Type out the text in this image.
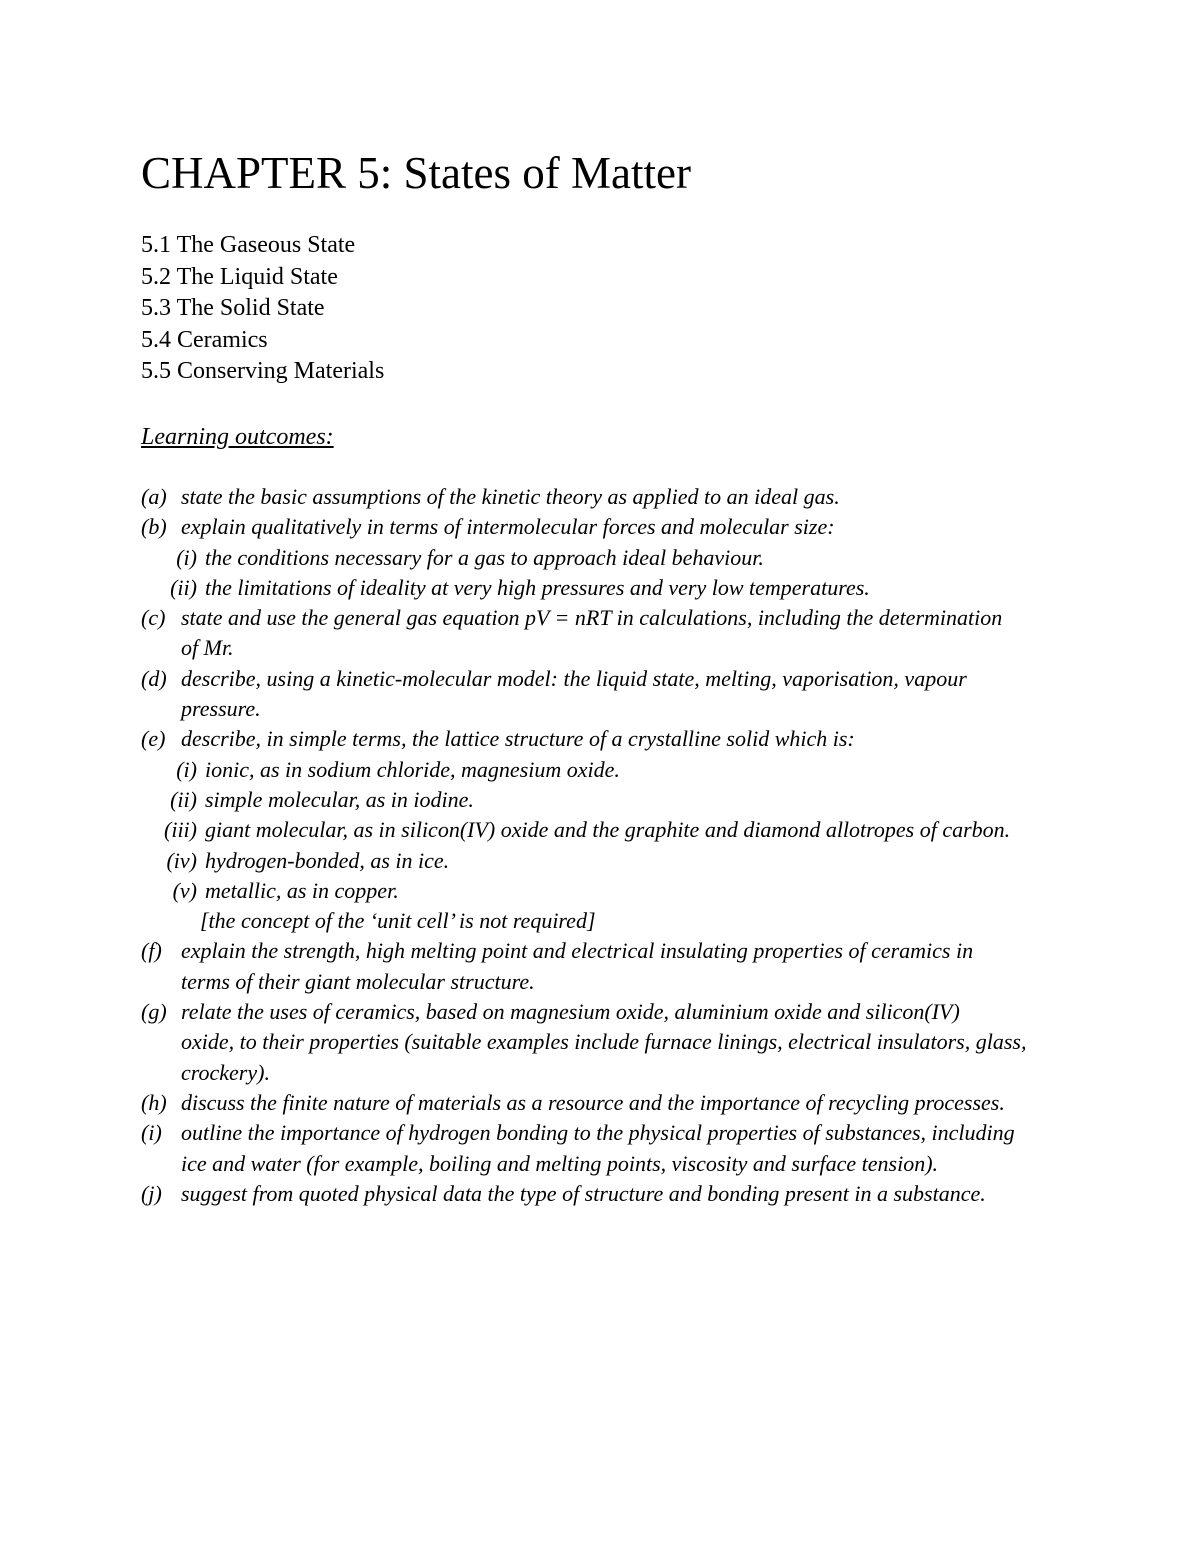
CHAPTER 5: States of Matter
5.1 The Gaseous State
5.2 The Liquid State
5.3 The Solid State
5.4 Ceramics
5.5 Conserving Materials
Learning outcomes:
(a) state the basic assumptions of the kinetic theory as applied to an ideal gas.
(b) explain qualitatively in terms of intermolecular forces and molecular size:
(i) the conditions necessary for a gas to approach ideal behaviour.
(ii) the limitations of ideality at very high pressures and very low temperatures.
(c) state and use the general gas equation pV = nRT in calculations, including the determination
of Mr.
(d) describe, using a kinetic-molecular model: the liquid state, melting, vaporisation, vapour
pressure.
(e) describe, in simple terms, the lattice structure of a crystalline solid which is:
(i) ionic, as in sodium chloride, magnesium oxide.
(ii) simple molecular, as in iodine.
(iii) giant molecular, as in silicon(IV) oxide and the graphite and diamond allotropes of carbon.
(iv) hydrogen-bonded, as in ice.
(v) metallic, as in copper.
[the concept of the ‘unit cell’ is not required]
(f) explain the strength, high melting point and electrical insulating properties of ceramics in
terms of their giant molecular structure.
(g) relate the uses of ceramics, based on magnesium oxide, aluminium oxide and silicon(IV)
oxide, to their properties (suitable examples include furnace linings, electrical insulators, glass,
crockery).
(h) discuss the finite nature of materials as a resource and the importance of recycling processes.
(i) outline the importance of hydrogen bonding to the physical properties of substances, including
ice and water (for example, boiling and melting points, viscosity and surface tension).
(j) suggest from quoted physical data the type of structure and bonding present in a substance.
